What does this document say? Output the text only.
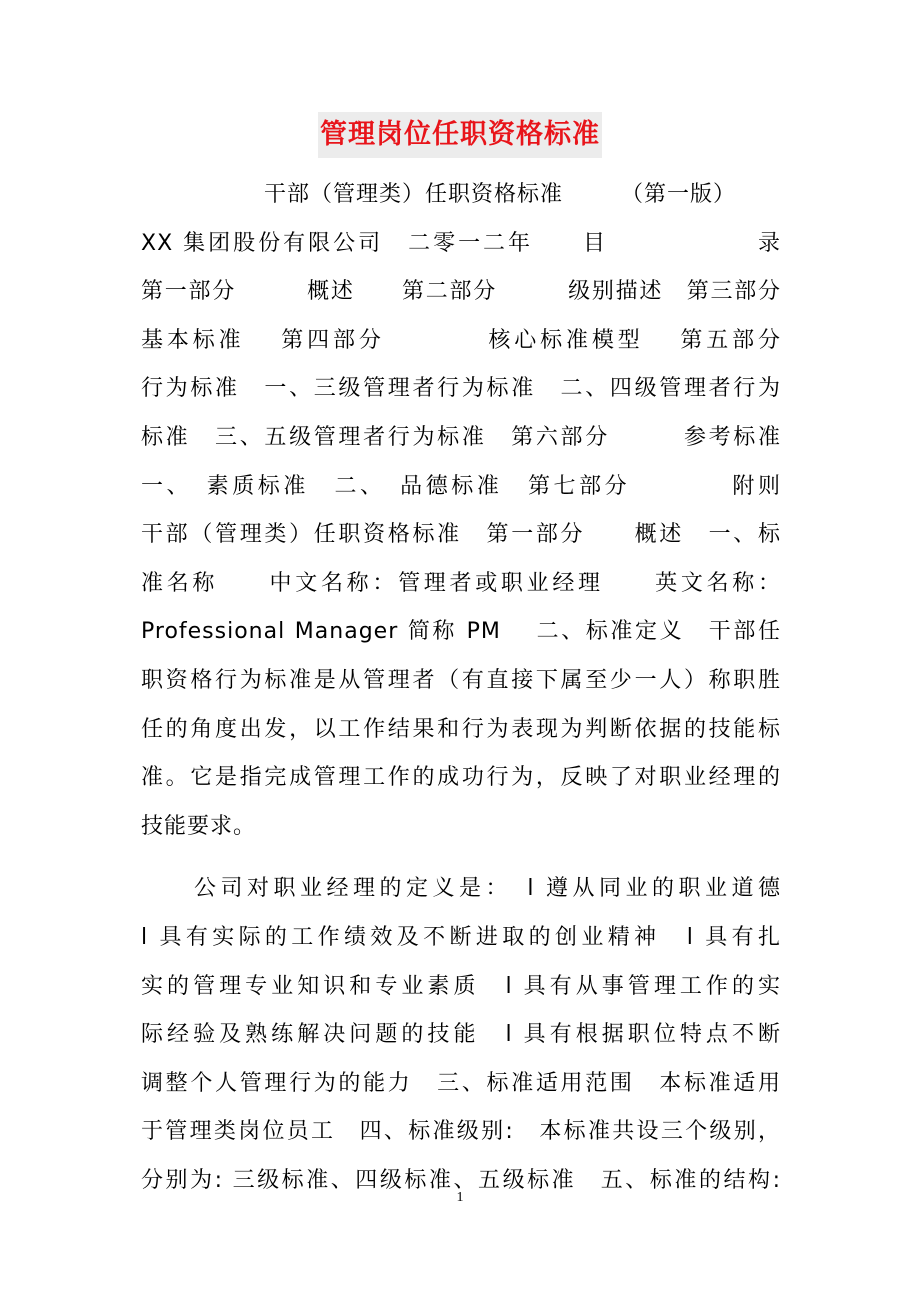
管理岗位任职资格标准
干部（管理类）任职资格标准　　　（第一版）
XX 集团股份有限公司　二零一二年　　目　　　　　　录
第一部分　　　概述　　第二部分　　　级别描述　第三部分
基本标准　 第四部分　　　　核心标准模型　 第五部分
行为标准　一、三级管理者行为标准　二、四级管理者行为
标准　三、五级管理者行为标准　第六部分　　　参考标准
一、　素质标准　二、　品德标准　第七部分　　　　附则
干部（管理类）任职资格标准　第一部分　　概述　一、标
准名称　　中文名称：管理者或职业经理　　英文名称：
Professional Manager 简称 PM　 二、标准定义　干部任
职资格行为标准是从管理者（有直接下属至少一人）称职胜
任的角度出发，以工作结果和行为表现为判断依据的技能标
准。它是指完成管理工作的成功行为，反映了对职业经理的
技能要求。
　　公司对职业经理的定义是：　l 遵从同业的职业道德
l 具有实际的工作绩效及不断进取的创业精神　l 具有扎
实的管理专业知识和专业素质　l 具有从事管理工作的实
际经验及熟练解决问题的技能　l 具有根据职位特点不断
调整个人管理行为的能力　三、标准适用范围　本标准适用
于管理类岗位员工　四、标准级别:　本标准共设三个级别，
分别为: 三级标准、四级标准、五级标准　五、标准的结构:
1
